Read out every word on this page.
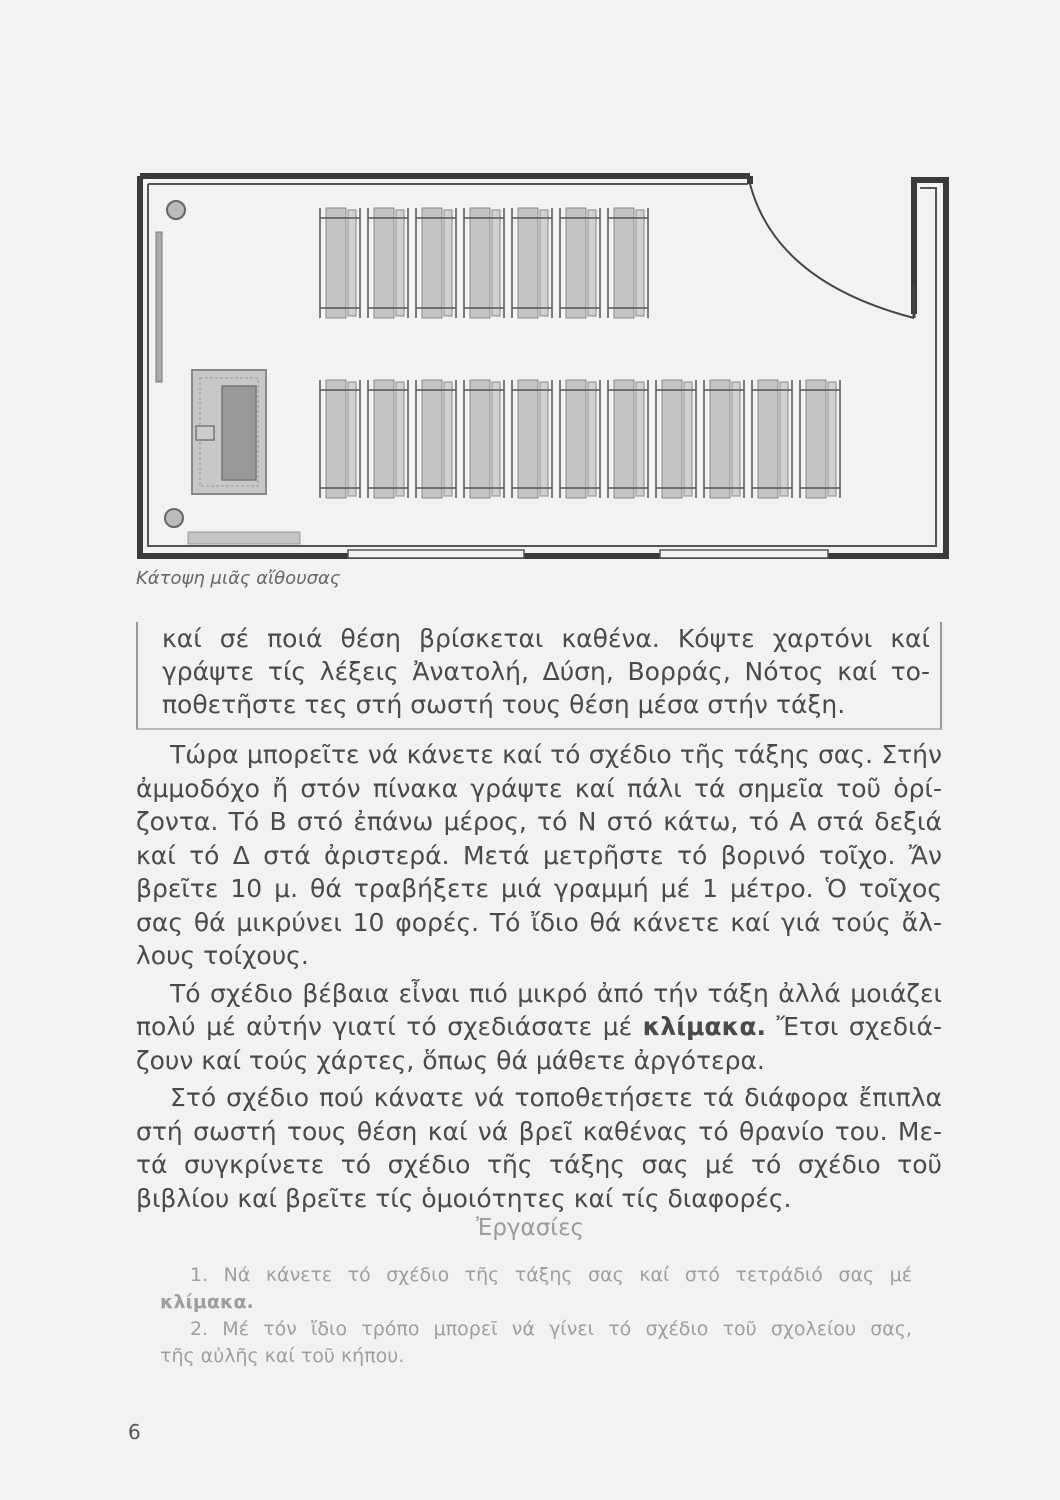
Κάτοψη μιᾶς αἴθουσας

καί σέ ποιά θέση βρίσκεται καθένα. Κόψτε χαρτόνι καί

γράψτε τίς λέξεις Ἀνατολή, Δύση, Βορράς, Νότος καί το-

ποθετῆστε τες στή σωστή τους θέση μέσα στήν τάξη.

Τώρα μπορεῖτε νά κάνετε καί τό σχέδιο τῆς τάξης σας. Στήν

ἀμμοδόχο ἤ στόν πίνακα γράψτε καί πάλι τά σημεῖα τοῦ ὁρί-

ζοντα. Τό Β στό ἐπάνω μέρος, τό Ν στό κάτω, τό Α στά δεξιά

καί τό Δ στά ἀριστερά. Μετά μετρῆστε τό βορινό τοῖχο. Ἄν

βρεῖτε 10 μ. θά τραβήξετε μιά γραμμή μέ 1 μέτρο. Ὁ τοῖχος

σας θά μικρύνει 10 φορές. Τό ἴδιο θά κάνετε καί γιά τούς ἄλ-

λους τοίχους.

Τό σχέδιο βέβαια εἶναι πιό μικρό ἀπό τήν τάξη ἀλλά μοιάζει

πολύ μέ αὐτήν γιατί τό σχεδιάσατε μέ κλίμακα. Ἔτσι σχεδιά-

ζουν καί τούς χάρτες, ὅπως θά μάθετε ἀργότερα.

Στό σχέδιο πού κάνατε νά τοποθετήσετε τά διάφορα ἔπιπλα

στή σωστή τους θέση καί νά βρεῖ καθένας τό θρανίο του. Με-

τά συγκρίνετε τό σχέδιο τῆς τάξης σας μέ τό σχέδιο τοῦ

βιβλίου καί βρεῖτε τίς ὁμοιότητες καί τίς διαφορές.

Ἐργασίες

1. Νά κάνετε τό σχέδιο τῆς τάξης σας καί στό τετράδιό σας μέ

κλίμακα.

2. Μέ τόν ἴδιο τρόπο μπορεῖ νά γίνει τό σχέδιο τοῦ σχολείου σας,

τῆς αὐλῆς καί τοῦ κήπου.

6
